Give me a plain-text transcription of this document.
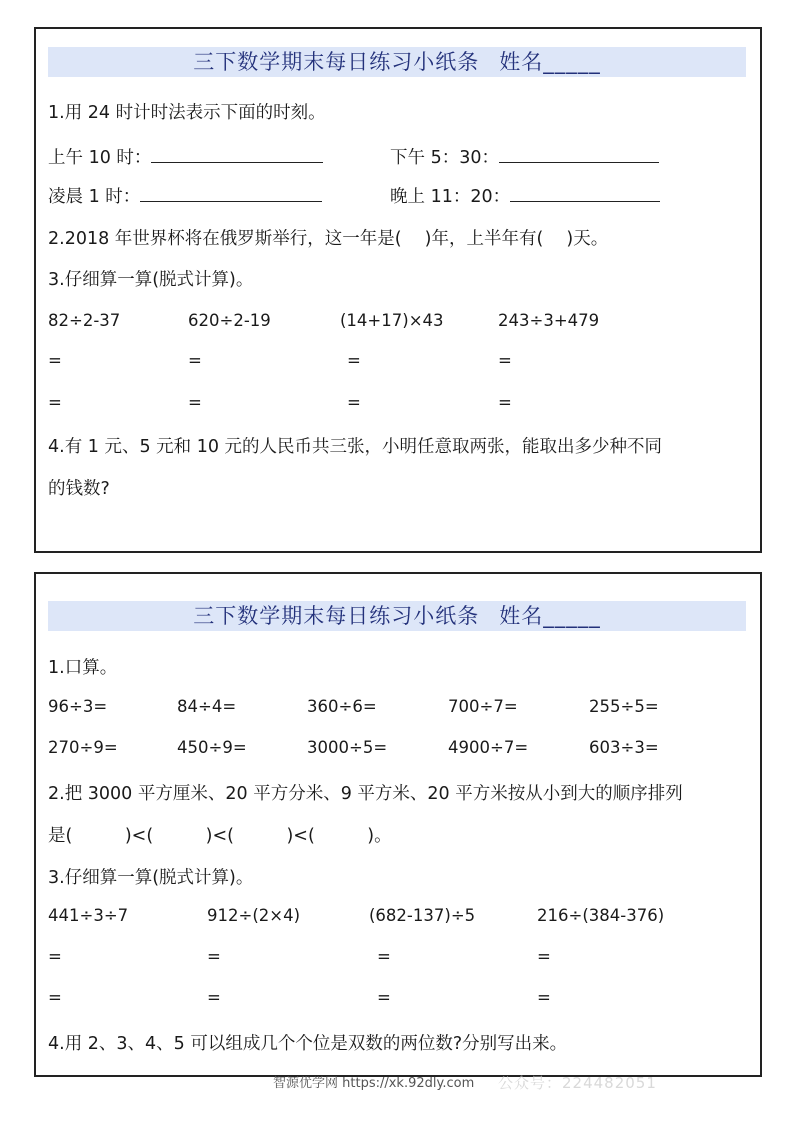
三下数学期末每日练习小纸条 姓名_____
1.用 24 时计时法表示下面的时刻。
上午 10 时：	下午 5：30：
凌晨 1 时：	晚上 11：20：
2.2018 年世界杯将在俄罗斯举行，这一年是(　 )年，上半年有(　 )天。
3.仔细算一算(脱式计算)。
82÷2-37	620÷2-19	(14+17)×43	243÷3+479
=	=	=	=
=	=	=	=
4.有 1 元、5 元和 10 元的人民币共三张，小明任意取两张，能取出多少种不同
的钱数?
三下数学期末每日练习小纸条 姓名_____
1.口算。
96÷3=	84÷4=	360÷6=	700÷7=	255÷5=
270÷9=	450÷9=	3000÷5=	4900÷7=	603÷3=
2.把 3000 平方厘米、20 平方分米、9 平方米、20 平方米按从小到大的顺序排列
是(　　　)<(　　　)<(　　　)<(　　　)。
3.仔细算一算(脱式计算)。
441÷3÷7	912÷(2×4)	(682-137)÷5	216÷(384-376)
=	=	=	=
=	=	=	=
4.用 2、3、4、5 可以组成几个个位是双数的两位数?分别写出来。
智源优学网 https://xk.92dly.com 公众号：224482051
